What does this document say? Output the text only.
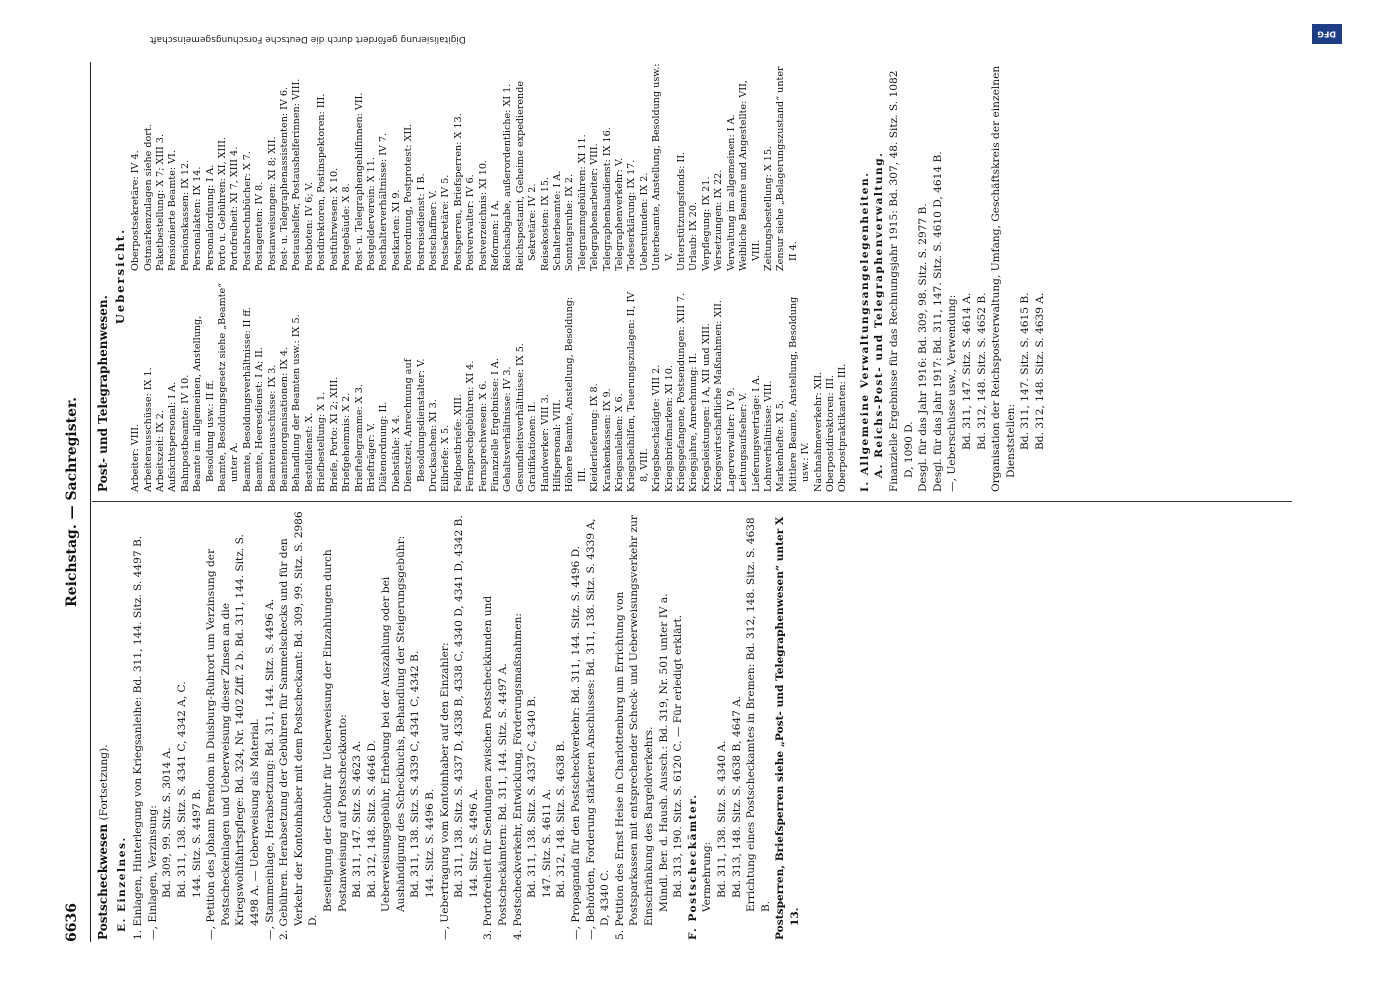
6636
Reichstag. — Sachregister.
Postscheckwesen (Fortsetzung).
E. Einzelnes. 1. Einlagen, Hinterlegung von Kriegsanleihe: Bd. 311, 144. Sitz. S. 4497 B. —, Einlagen, Verzinsung: Bd. 309, 99. Sitz. S. 3014 A. Bd. 311, 138. Sitz. S. 4341 C, 4342 A, C. 144. Sitz. S. 4497 B. —, Petition des Johann Brendom in Duisburg-Ruhrort um Verzinsung der Postscheckeinlagen und Ueberweisung dieser Zinsen an die Kriegswohlfahrtspflege: Bd. 324, Nr. 1402 Ziff. 2 b. Bd. 311, 144. Sitz. S. 4498 A. — Ueberweisung als Material. —, Stammeinlage, Herabsetzung: Bd. 311, 144. Sitz. S. 4496 A. 2. Gebühren. Herabsetzung der Gebühren für Sammelschecks und für den Verkehr der Kontoinhaber mit dem Postscheckamt: Bd. 309, 99. Sitz. S. 2986 D.
Beseitigung der Gebühr für Ueberweisung der Einzahlungen durch Postanweisung auf Postscheckkonto: Bd. 311, 147. Sitz. S. 4623 A. Bd. 312, 148. Sitz. S. 4646 D. Ueberweisungsgebühr, Erhebung bei der Auszahlung oder bei Aushändigung des Scheckbuchs, Behandlung der Steigerungsgebühr: Bd. 311, 138. Sitz. S. 4339 C, 4341 C, 4342 B. 144. Sitz. S. 4496 B. —, Uebertragung vom Kontoinhaber auf den Einzahler: Bd. 311, 138. Sitz. S. 4337 D, 4338 B, 4338 C, 4340 D, 4341 D, 4342 B. 144. Sitz. S. 4496 A. 3. Portofreiheit für Sendungen zwischen Postscheckkunden und Postscheckämtern: Bd. 311, 144. Sitz. S. 4497 A. 4. Postscheckverkehr, Entwicklung, Förderungsmaßnahmen: Bd. 311, 138. Sitz. S. 4337 C, 4340 B. 147. Sitz. S. 4611 A. Bd. 312, 148. Sitz. S. 4638 B. —, Propaganda für den Postscheckverkehr: Bd. 311, 144. Sitz. S. 4496 D. —, Behörden, Forderung stärkeren Anschlusses: Bd. 311, 138. Sitz. S. 4339 A, D, 4340 C. 5. Petition des Ernst Heise in Charlottenburg um Errichtung von Postsparkassen mit entsprechender Scheck- und Ueberweisungsverkehr zur Einschränkung des Bargeldverkehrs. Mündl. Ber. d. Haush. Aussch.: Bd. 319, Nr. 501 unter IV a. Bd. 313, 190. Sitz. S. 6120 C. — Für erledigt erklärt. F. Postscheckämter. Vermehrung: Bd. 311, 138. Sitz. S. 4340 A. Bd. 313, 148. Sitz. S. 4638 B, 4647 A. Errichtung eines Postscheckamtes in Bremen: Bd. 312, 148. Sitz. S. 4638 B. Postsperren, Briefsperren siehe „Post- und Telegraphenwesen“ unter X 13.
Post- und Telegraphenwesen.
Uebersicht.
Arbeiter: VIII. Arbeiterausschüsse: IX 1. Arbeitszeit: IX 2. Aufsichtspersonal: I A. Bahnpostbeamte: IV 10. Beamte im allgemeinen, Anstellung, Besoldung usw.: II ff. Beamte, Besoldungsgesetz siehe „Beamte“ unter A. Beamte, Besoldungsverhältnisse: II ff. Beamte, Heeresdienst: I A; II. Beamtenausschüsse: IX 3. Beamtenorganisationen: IX 4. Behandlung der Beamten usw.: IX 5. Bestelldienst: X. Briefbestellung: X 1. Briefe, Porto: XI 2; XIII. Briefgeheimnis: X 2. Brieftelegramme: X 3. Briefträger: V. Diätenordnung: II. Diebstähle: X 4. Dienstzeit, Anrechnung auf Besoldungsdienstalter: V. Drucksachen: XI 3. Eilbriefe: X 5. Feldpostbriefe: XIII. Fernsprechgebühren: XI 4. Fernsprechwesen: X 6. Finanzielle Ergebnisse: I A. Gehaltsverhältnisse: IV 3. Gesundheitsverhältnisse: IX 5. Gratifikationen: II. Handwerker: VIII 3. Hilfspersonal: VIII. Höhere Beamte, Anstellung, Besoldung: III. Kleiderlieferung: IX 8. Krankenkassen: IX 9. Kriegsanleihen: X 6. Kriegsbeihilfen, Teuerungszulagen: II, IV 8, VIII. Kriegsbeschädigte: VIII 2. Kriegsbriefmarken: XI 10. Kriegsgefangene, Postsendungen: XIII 7. Kriegsjahre, Anrechnung: II. Kriegsleistungen: I A, XII und XIII. Kriegswirtschaftliche Maßnahmen: XII. Lagerverwalter: IV 9. Leitungsaufseher: V. Lieferungsverträge: I A. Lohnverhältnisse: VIII. Markenhefte: XI 5. Mittlere Beamte, Anstellung, Besoldung usw.: IV. Nachnahmeverkehr: XII. Oberpostdirektoren: III. Oberpostpraktikanten: III.
Oberpostsekretäre: IV 4. Ostmarkenzulagen siehe dort. Paketbestellung: X 7; XIII 3. Pensionierte Beamte: VI. Pensionskassen: IX 12. Personalakten: IX 14. Personalordnung: I A. Porto u. Gebühren: XI, XIII. Portofreiheit: XI 7, XIII 4. Postabrechnbücher: X 7. Postagenten: IV 8. Postanweisungen: XI 8; XII. Post- u. Telegraphenassistenten: IV 6. Postaushelfer, Postaushelferinnen: VIII. Postboten: IV 6; V. Postdirektoren, Postinspektoren: III. Postfuhrwesen: X 10. Postgebäude: X 8. Post- u. Telegraphengehilfinnen: VII. Postgelderverein: X 11. Posthalterverhältnisse: IV 7. Postkarten: XI 9. Postordnung, Postprotest: XII. Postreisedienst: I B. Postschaffner: V. Postsekretäre: IV 5. Postsperren, Briefsperren: X 13. Postverwalter: IV 6. Postverzeichnis: XI 10. Reformen: I A. Reichsabgabe, außerordentliche: XI 1. Reichspostamt, Geheime expedierende Sekretäre: IV 2. Reisekosten: IX 15. Schalterbeamte: I A. Sonntagsruhe: IX 2. Telegrammgebühren: XI 11. Telegraphenarbeiter: VIII. Telegraphenbaudienst: IX 16. Telegraphenverkehr: V. Todeserklärung: IX 17. Ueberstunden: IX 2. Unterbeamte, Anstellung, Besoldung usw.: V. Unterstützungsfonds: II. Urlaub: IX 20. Verpflegung: IX 21. Versetzungen: IX 22. Verwaltung im allgemeinen: I A. Weibliche Beamte und Angestellte: VII, VIII. Zeitungsbestellung: X 15. Zensur siehe „Belagerungszustand“ unter II 4.	I. Allgemeine Verwaltungsangelegenheiten. A. Reichs-Post- und Telegraphenverwaltung. Finanzielle Ergebnisse für das Rechnungsjahr 1915: Bd. 307, 48. Sitz. S. 1082 D, 1090 D. Desgl. für das Jahr 1916: Bd. 309, 98. Sitz. S. 2977 B. Desgl. für das Jahr 1917: Bd. 311, 147. Sitz. S. 4610 D, 4614 B. —, Ueberschüsse usw., Verwendung: Bd. 311, 147. Sitz. S. 4614 A. Bd. 312, 148. Sitz. S. 4652 B. Organisation der Reichspostverwaltung, Umfang, Geschäftskreis der einzelnen Dienststellen: Bd. 311, 147. Sitz. S. 4615 B. Bd. 312, 148. Sitz. S. 4639 A.
Digitalisierung gefördert durch die Deutsche Forschungsgemeinschaft	DFG
